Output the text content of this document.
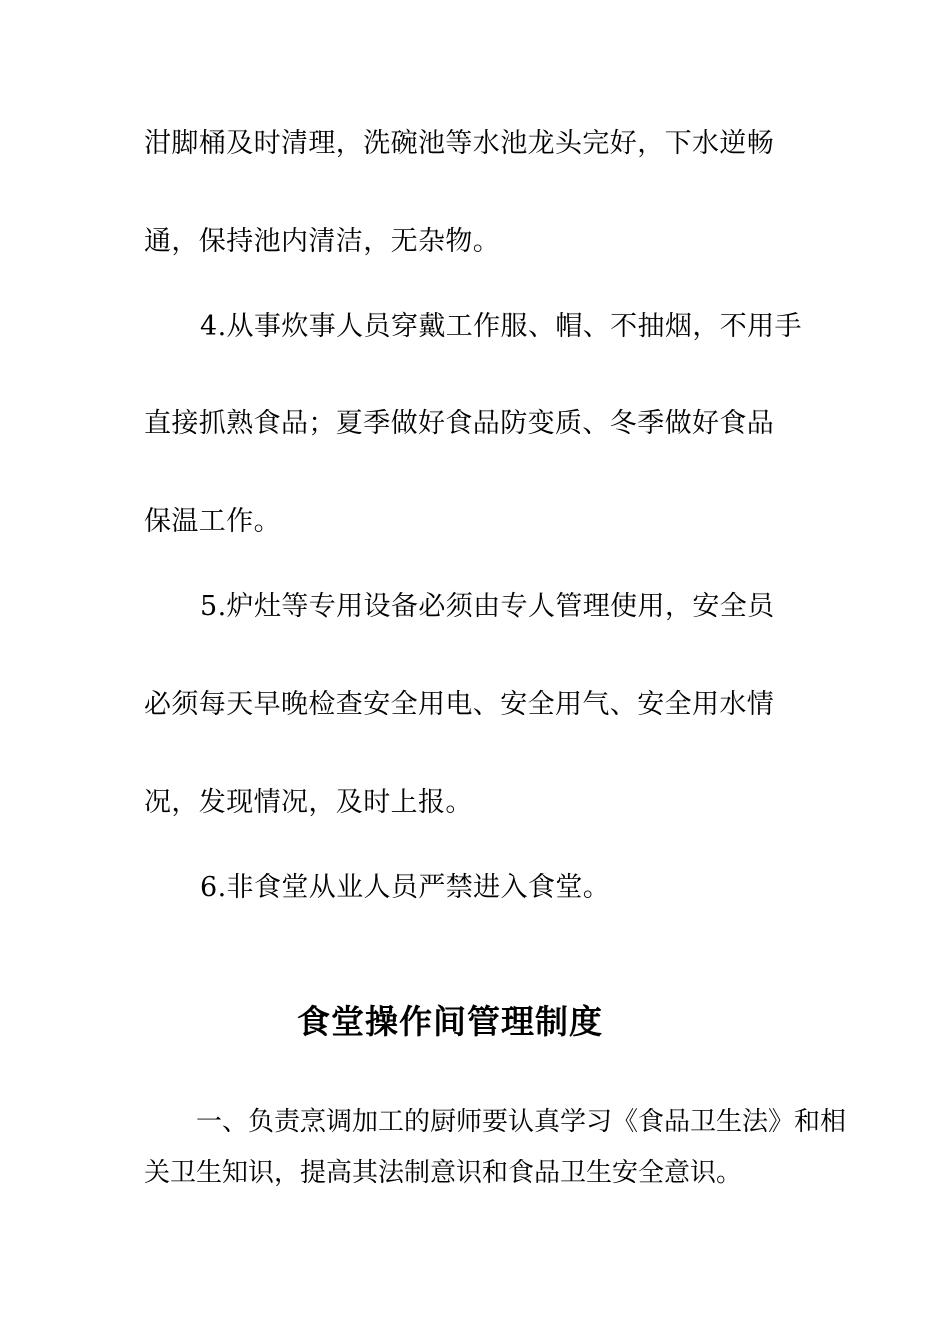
泔脚桶及时清理，洗碗池等水池龙头完好，下水逆畅
通，保持池内清洁，无杂物。
4.从事炊事人员穿戴工作服、帽、不抽烟，不用手
直接抓熟食品；夏季做好食品防变质、冬季做好食品
保温工作。
5.炉灶等专用设备必须由专人管理使用，安全员
必须每天早晚检查安全用电、安全用气、安全用水情
况，发现情况，及时上报。
6.非食堂从业人员严禁进入食堂。
食堂操作间管理制度
一、负责烹调加工的厨师要认真学习《食品卫生法》和相
关卫生知识，提高其法制意识和食品卫生安全意识。
